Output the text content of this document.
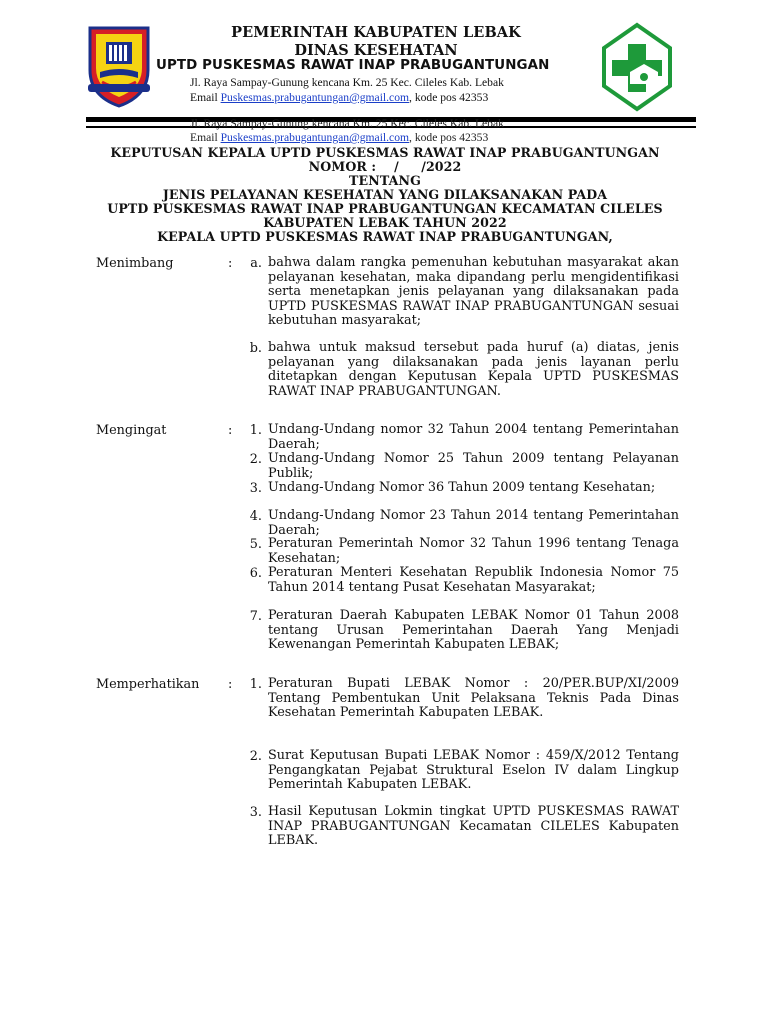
PEMERINTAH KABUPATEN LEBAK
DINAS KESEHATAN
UPTD PUSKESMAS RAWAT INAP PRABUGANTUNGAN
Jl. Raya Sampay-Gunung kencana Km. 25 Kec. Cileles Kab. Lebak
Email Puskesmas.prabugantungan@gmail.com, kode pos 42353
Jl. Raya Sampay-Gunung kencana Km. 25 Kec. Cileles Kab. Lebak
Email Puskesmas.prabugantungan@gmail.com, kode pos 42353
KEPUTUSAN KEPALA UPTD PUSKESMAS RAWAT INAP PRABUGANTUNGAN
NOMOR :    /     /2022
TENTANG
JENIS PELAYANAN KESEHATAN YANG DILAKSANAKAN PADA
UPTD PUSKESMAS RAWAT INAP PRABUGANTUNGAN KECAMATAN CILELES
KABUPATEN LEBAK TAHUN 2022
KEPALA UPTD PUSKESMAS RAWAT INAP PRABUGANTUNGAN,
Menimbang	:	a. bahwa dalam rangka pemenuhan kebutuhan masyarakat akan pelayanan kesehatan, maka dipandang perlu mengidentifikasi serta menetapkan jenis pelayanan yang dilaksanakan pada UPTD PUSKESMAS RAWAT INAP PRABUGANTUNGAN sesuai kebutuhan masyarakat;
b. bahwa untuk maksud tersebut pada huruf (a) diatas, jenis pelayanan yang dilaksanakan pada jenis layanan perlu ditetapkan dengan Keputusan Kepala UPTD PUSKESMAS RAWAT INAP PRABUGANTUNGAN.
Mengingat	:	1. Undang-Undang nomor 32 Tahun 2004 tentang Pemerintahan Daerah;
2. Undang-Undang Nomor 25 Tahun 2009 tentang Pelayanan Publik;
3. Undang-Undang Nomor 36 Tahun 2009 tentang Kesehatan;
4. Undang-Undang Nomor 23 Tahun 2014 tentang Pemerintahan Daerah;
5. Peraturan Pemerintah Nomor 32 Tahun 1996 tentang Tenaga Kesehatan;
6. Peraturan Menteri Kesehatan Republik Indonesia Nomor 75 Tahun 2014 tentang Pusat Kesehatan Masyarakat;
7. Peraturan Daerah Kabupaten LEBAK Nomor 01 Tahun 2008 tentang Urusan Pemerintahan Daerah Yang Menjadi Kewenangan Pemerintah Kabupaten LEBAK;
Memperhatikan :	1. Peraturan Bupati LEBAK Nomor : 20/PER.BUP/XI/2009 Tentang Pembentukan Unit Pelaksana Teknis Pada Dinas Kesehatan Pemerintah Kabupaten LEBAK.
2. Surat Keputusan Bupati LEBAK Nomor : 459/X/2012 Tentang Pengangkatan Pejabat Struktural Eselon IV dalam Lingkup Pemerintah Kabupaten LEBAK.
3. Hasil Keputusan Lokmin tingkat UPTD PUSKESMAS RAWAT INAP PRABUGANTUNGAN Kecamatan CILELES Kabupaten LEBAK.
